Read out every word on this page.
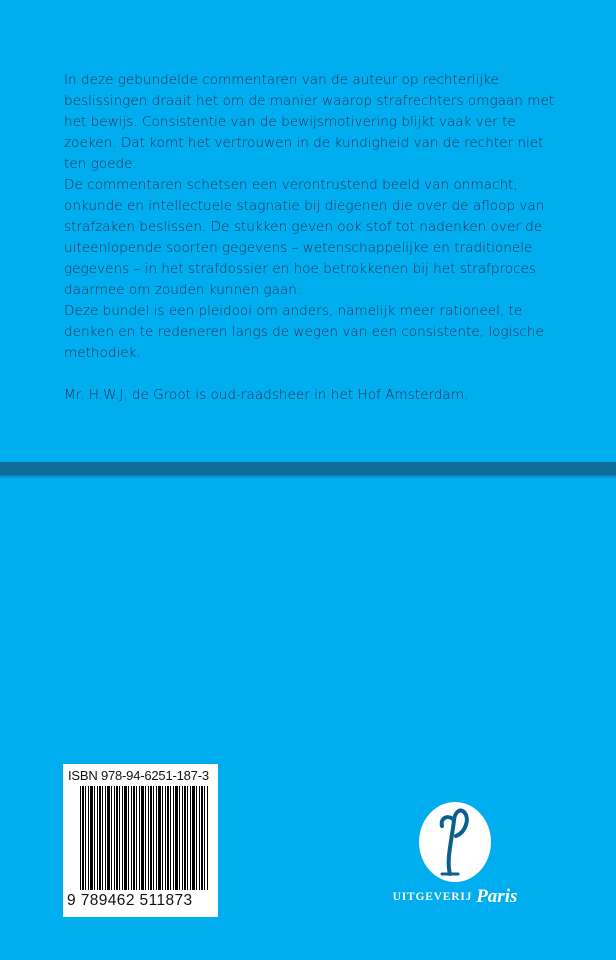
In deze gebundelde commentaren van de auteur op rechterlijke beslissingen draait het om de manier waarop strafrechters omgaan met het bewijs. Consistentie van de bewijsmotivering blijkt vaak ver te zoeken. Dat komt het vertrouwen in de kundigheid van de rechter niet ten goede.

De commentaren schetsen een verontrustend beeld van onmacht, onkunde en intellectuele stagnatie bij diegenen die over de afloop van strafzaken beslissen. De stukken geven ook stof tot nadenken over de uiteenlopende soorten gegevens – wetenschappelijke en traditionele gegevens – in het strafdossier en hoe betrokkenen bij het strafproces daarmee om zouden kunnen gaan.

Deze bundel is een pleidooi om anders, namelijk meer rationeel, te denken en te redeneren langs de wegen van een consistente, logische methodiek.

Mr. H.W.J. de Groot is oud-raadsheer in het Hof Amsterdam.

ISBN 978-94-6251-187-3
9 789462 511873	UITGEVERIJ Paris
